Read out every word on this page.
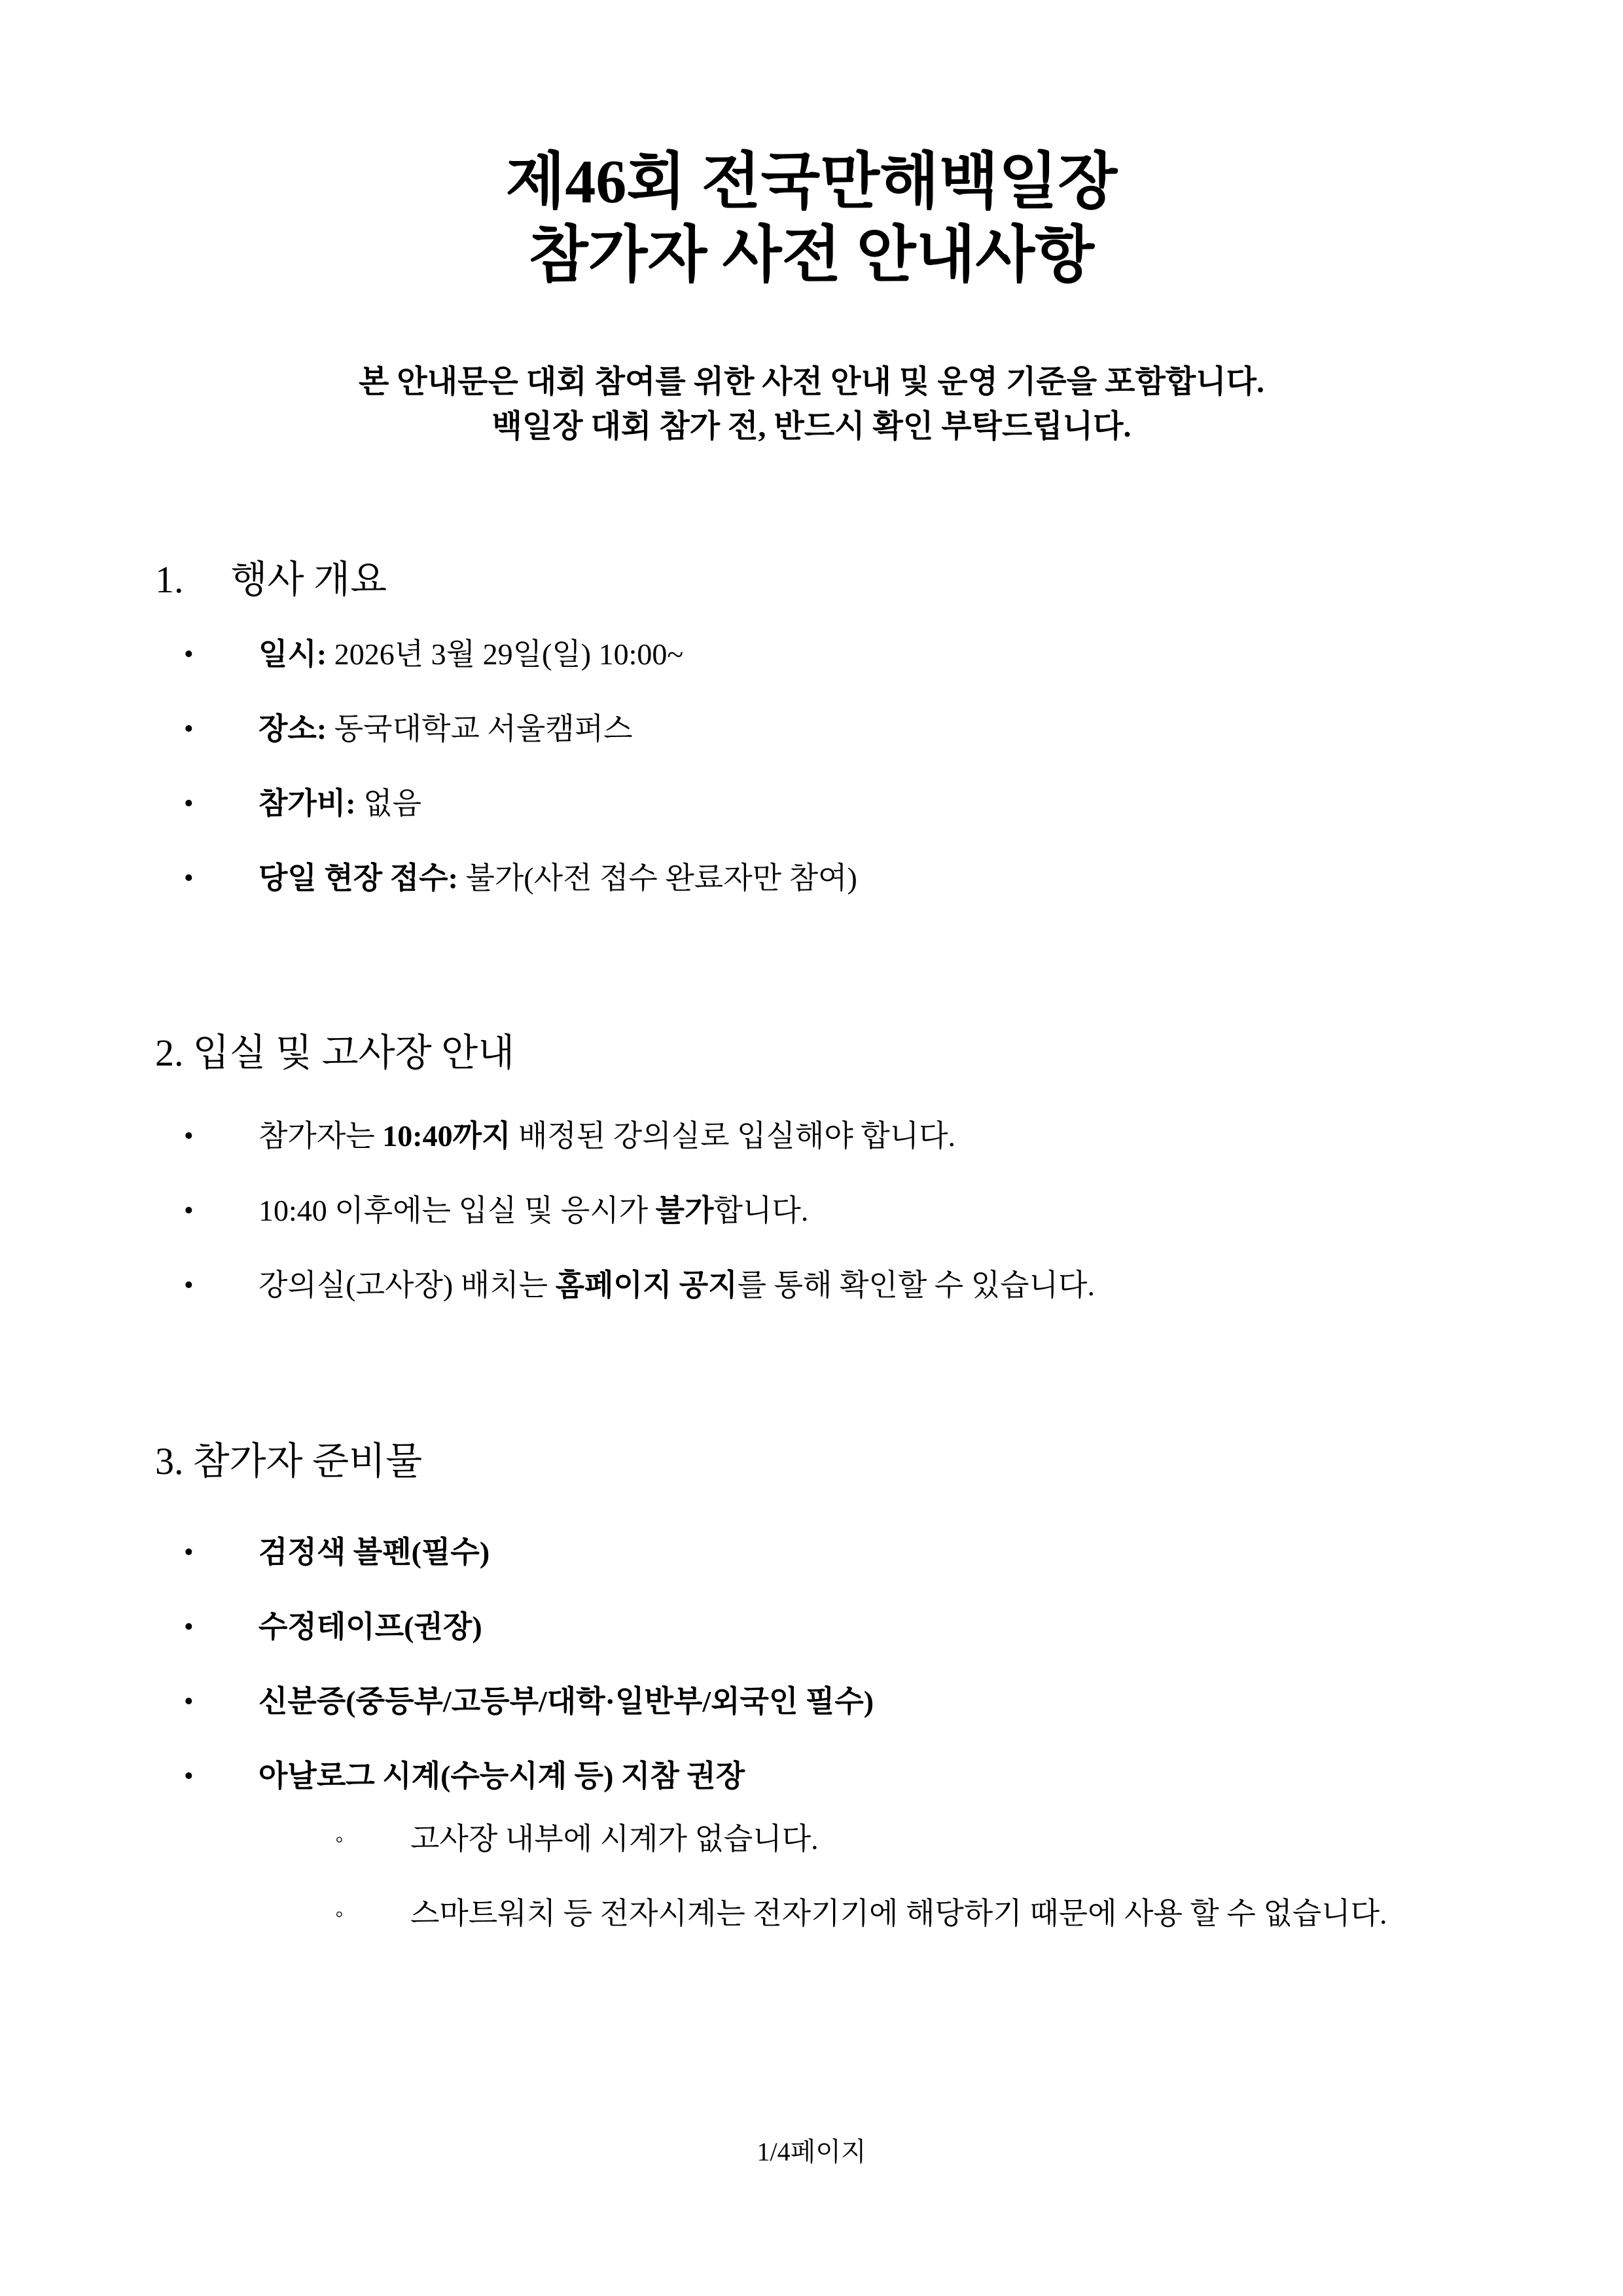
제46회 전국만해백일장
참가자 사전 안내사항

본 안내문은 대회 참여를 위한 사전 안내 및 운영 기준을 포함합니다.
백일장 대회 참가 전, 반드시 확인 부탁드립니다.

1. 행사 개요
• 일시: 2026년 3월 29일(일) 10:00~
• 장소: 동국대학교 서울캠퍼스
• 참가비: 없음
• 당일 현장 접수: 불가(사전 접수 완료자만 참여)
2. 입실 및 고사장 안내
• 참가자는 10:40까지 배정된 강의실로 입실해야 합니다.
• 10:40 이후에는 입실 및 응시가 불가합니다.
• 강의실(고사장) 배치는 홈페이지 공지를 통해 확인할 수 있습니다.
3. 참가자 준비물
• 검정색 볼펜(필수)
• 수정테이프(권장)
• 신분증(중등부/고등부/대학·일반부/외국인 필수)
• 아날로그 시계(수능시계 등) 지참 권장
◦ 고사장 내부에 시계가 없습니다.
◦ 스마트워치 등 전자시계는 전자기기에 해당하기 때문에 사용 할 수 없습니다.

1/4페이지
